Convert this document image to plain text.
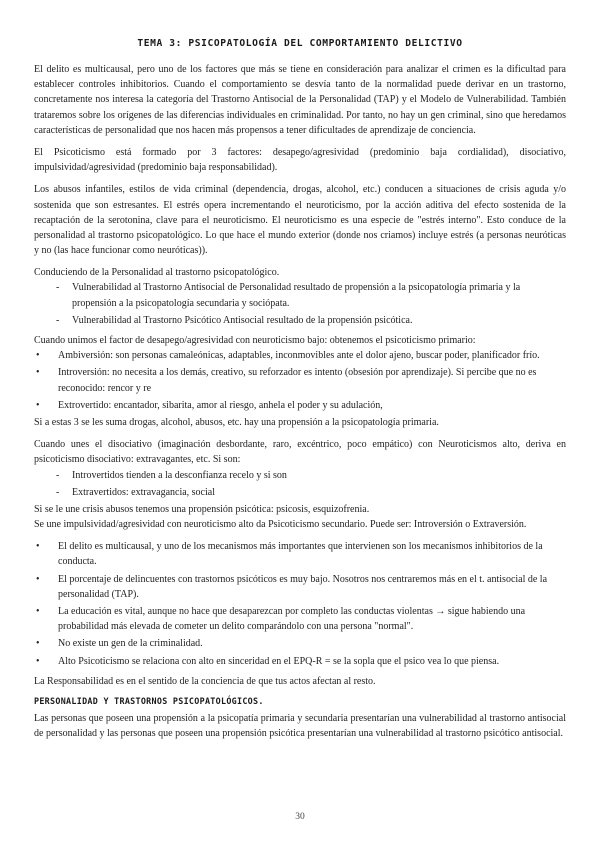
TEMA 3: PSICOPATOLOGÍA DEL COMPORTAMIENTO DELICTIVO

El delito es multicausal, pero uno de los factores que más se tiene en consideración para analizar el crimen es la dificultad para establecer controles inhibitorios. Cuando el comportamiento se desvía tanto de la normalidad puede derivar en un trastorno, concretamente nos interesa la categoría del Trastorno Antisocial de la Personalidad (TAP) y el Modelo de Vulnerabilidad. También trataremos sobre los orígenes de las diferencias individuales en criminalidad. Por tanto, no hay un gen criminal, sino que heredamos características de personalidad que nos hacen más propensos a tener dificultades de aprendizaje de conciencia.

El Psicoticismo está formado por 3 factores: desapego/agresividad (predominio baja cordialidad), disociativo, impulsividad/agresividad (predominio baja responsabilidad).

Los abusos infantiles, estilos de vida criminal (dependencia, drogas, alcohol, etc.) conducen a situaciones de crisis aguda y/o sostenida que son estresantes. El estrés opera incrementando el neuroticismo, por la acción aditiva del efecto sostenida de la recaptación de la serotonina, clave para el neuroticismo. El neuroticismo es una especie de "estrés interno". Esto conduce de la personalidad al trastorno psicopatológico. Lo que hace el mundo exterior (donde nos criamos) incluye estrés (a personas neuróticas y no (las hace funcionar como neuróticas)).

Conduciendo de la Personalidad al trastorno psicopatológico.

- Vulnerabilidad al Trastorno Antisocial de Personalidad resultado de propensión a la psicopatología primaria y la propensión a la psicopatología secundaria y sociópata.
- Vulnerabilidad al Trastorno Psicótico Antisocial resultado de la propensión psicótica.

Cuando unimos el factor de desapego/agresividad con neuroticismo bajo: obtenemos el psicoticismo primario:

• Ambiversión: son personas camaleónicas, adaptables, inconmovibles ante el dolor ajeno, buscar poder, planificador frío.
• Introversión: no necesita a los demás, creativo, su reforzador es intento (obsesión por aprendizaje). Si percibe que no es reconocido: rencor y re
• Extrovertido: encantador, sibarita, amor al riesgo, anhela el poder y su adulación,

Si a estas 3 se les suma drogas, alcohol, abusos, etc. hay una propensión a la psicopatología primaria.

Cuando unes el disociativo (imaginación desbordante, raro, excéntrico, poco empático) con Neuroticismos alto, deriva en psicoticismo disociativo: extravagantes, etc. Si son:

- Introvertidos tienden a la desconfianza recelo y si son
- Extravertidos: extravagancia, social

Si se le une crisis abusos tenemos una propensión psicótica: psicosis, esquizofrenia.

Se une impulsividad/agresividad con neuroticismo alto da Psicoticismo secundario. Puede ser: Introversión o Extraversión.

• El delito es multicausal, y uno de los mecanismos más importantes que intervienen son los mecanismos inhibitorios de la conducta.
• El porcentaje de delincuentes con trastornos psicóticos es muy bajo. Nosotros nos centraremos más en el t. antisocial de la personalidad (TAP).
• La educación es vital, aunque no hace que desaparezcan por completo las conductas violentas → sigue habiendo una probabilidad más elevada de cometer un delito comparándolo con una persona "normal".
• No existe un gen de la criminalidad.
• Alto Psicoticismo se relaciona con alto en sinceridad en el EPQ-R = se la sopla que el psico vea lo que piensa.

La Responsabilidad es en el sentido de la conciencia de que tus actos afectan al resto.

PERSONALIDAD Y TRASTORNOS PSICOPATOLÓGICOS.

Las personas que poseen una propensión a la psicopatía primaria y secundaria presentarían una vulnerabilidad al trastorno antisocial de personalidad y las personas que poseen una propensión psicótica presentarían una vulnerabilidad al trastorno psicótico antisocial.

30
